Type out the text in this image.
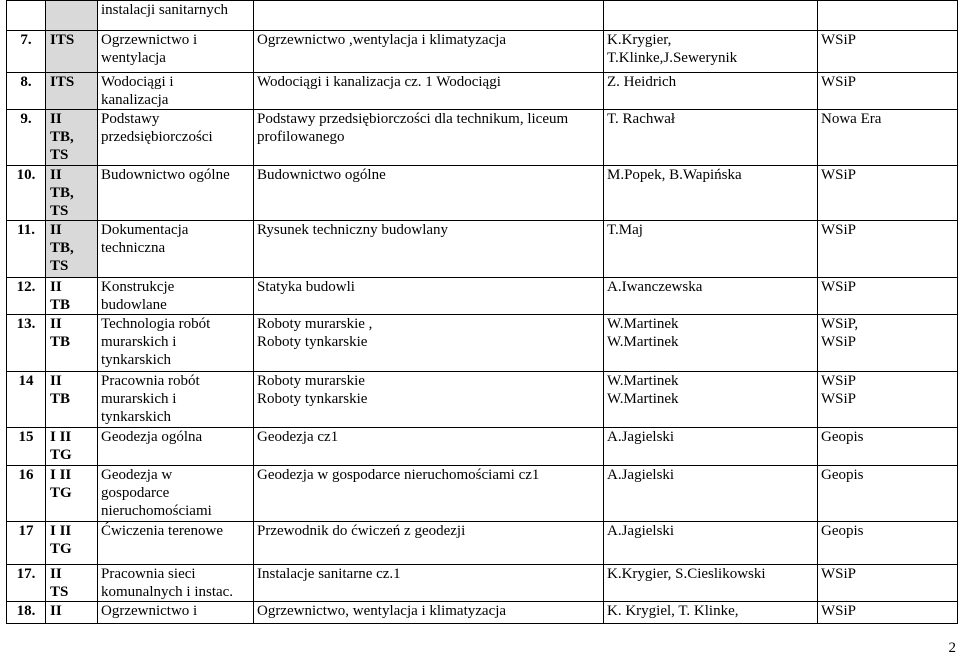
		instalacji sanitarnych			
7.	ITS	Ogrzewnictwo i
wentylacja	Ogrzewnictwo ,wentylacja i klimatyzacja	K.Krygier,
T.Klinke,J.Sewerynik	WSiP

8.	ITS	Wodociągi i
kanalizacja	Wodociągi i kanalizacja cz. 1 Wodociągi	Z. Heidrich	WSiP

9.	II
TB,
TS	Podstawy
przedsiębiorczości	Podstawy przedsiębiorczości dla technikum, liceum
profilowanego	T. Rachwał	Nowa Era

10.	II
TB,
TS	Budownictwo ogólne	Budownictwo ogólne	M.Popek, B.Wapińska	WSiP

11.	II
TB,
TS	Dokumentacja
techniczna	Rysunek techniczny budowlany	T.Maj	WSiP

12.	II
TB	Konstrukcje
budowlane	Statyka budowli	A.Iwanczewska	WSiP

13.	II
TB	Technologia robót
murarskich i
tynkarskich	Roboty murarskie ,
Roboty tynkarskie	W.Martinek
W.Martinek	WSiP,
WSiP

14	II
TB	Pracownia robót
murarskich i
tynkarskich	Roboty murarskie
Roboty tynkarskie	W.Martinek
W.Martinek	WSiP
WSiP

15	I II
TG	Geodezja ogólna	Geodezja cz1	A.Jagielski	Geopis

16	I II
TG	Geodezja w
gospodarce
nieruchomościami	Geodezja w gospodarce nieruchomościami cz1	A.Jagielski	Geopis

17	I II
TG	Ćwiczenia terenowe	Przewodnik do ćwiczeń z geodezji	A.Jagielski	Geopis

17.	II
TS	Pracownia sieci
komunalnych i instac.	Instalacje sanitarne cz.1	K.Krygier, S.Cieslikowski	WSiP

18.	II	Ogrzewnictwo i	Ogrzewnictwo, wentylacja i klimatyzacja	K. Krygiel, T. Klinke,	WSiP
2
